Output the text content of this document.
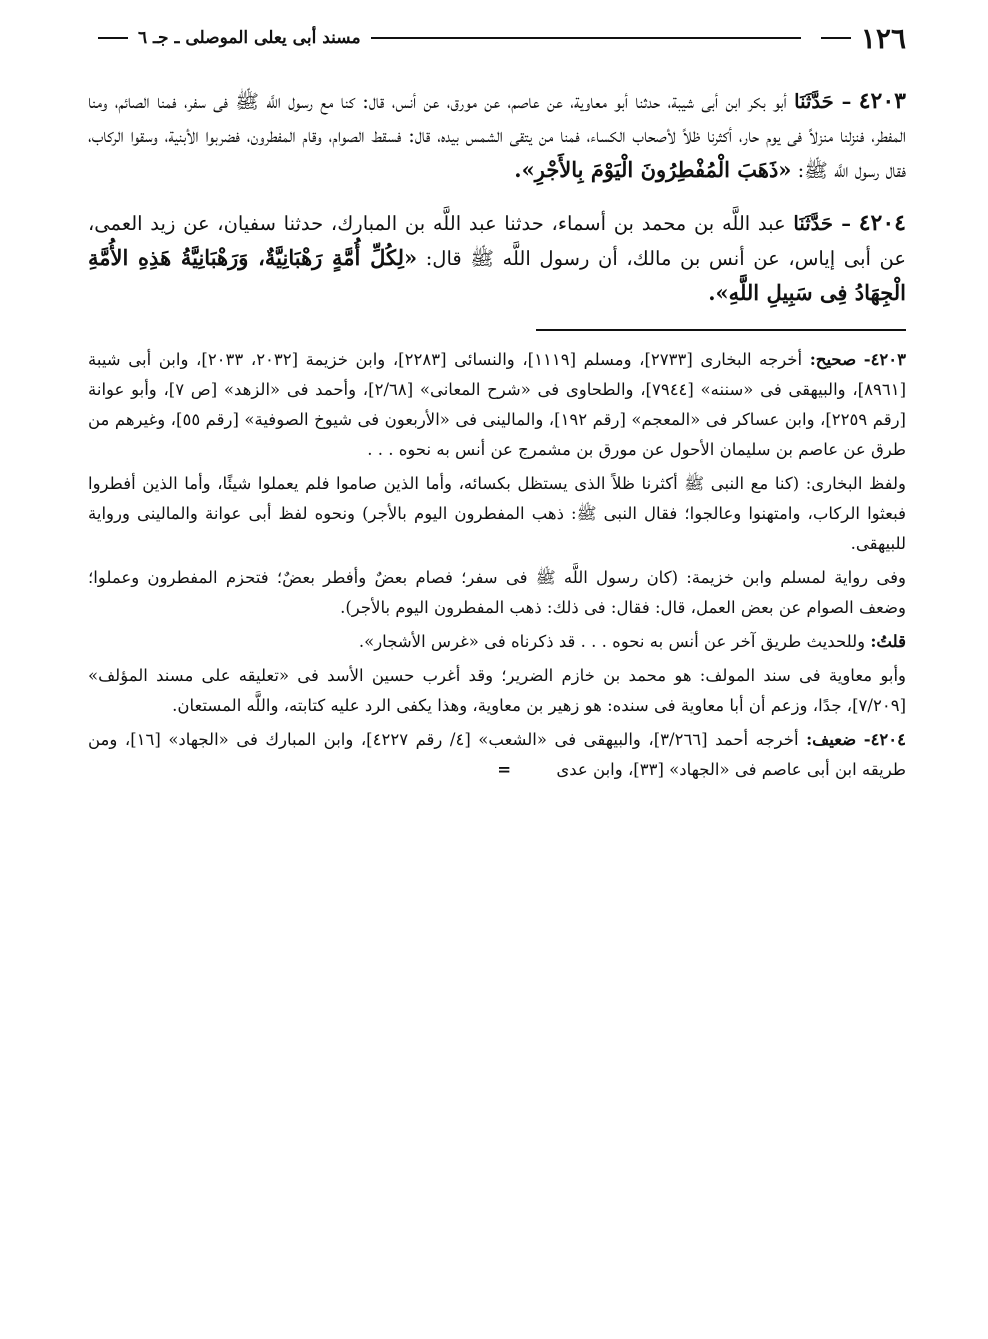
١٢٦
مسند أبى يعلى الموصلى ـ جـ ٦

٤٢٠٣ – حَدَّثَنَا أبو بكر ابن أبى شيبة، حدثنا أبو معاوية، عن عاصم، عن مورق، عن أنس، قال: كنا مع رسول اللَّه ﷺ فى سفر، فمنا الصائم، ومنا المفطر، فنزلنا منزلاً فى يوم حار، أكثرنا ظلاً لأصحاب الكساء، فمنا من يتقى الشمس بيده، قال: فسقط الصوام، وقام المفطرون، فضربوا الأبنية، وسقوا الركاب، فقال رسول اللَّه ﷺ: «ذَهَبَ الْمُفْطِرُونَ الْيَوْمَ بِالأَجْرِ».

٤٢٠٤ – حَدَّثَنَا عبد اللَّه بن محمد بن أسماء، حدثنا عبد اللَّه بن المبارك، حدثنا سفيان، عن زيد العمى، عن أبى إياس، عن أنس بن مالك، أن رسول اللَّه ﷺ قال: «لِكُلِّ أُمَّةٍ رَهْبَانِيَّةٌ، وَرَهْبَانِيَّةُ هَذِهِ الأُمَّةِ الْجِهَادُ فِى سَبِيلِ اللَّهِ».

٤٢٠٣- صحيح: أخرجه البخارى [٢٧٣٣]، ومسلم [١١١٩]، والنسائى [٢٢٨٣]، وابن خزيمة [٢٠٣٢، ٢٠٣٣]، وابن أبى شيبة [٨٩٦١]، والبيهقى فى «سننه» [٧٩٤٤]، والطحاوى فى «شرح المعانى» [٢/٦٨]، وأحمد فى «الزهد» [ص ٧]، وأبو عوانة [رقم ٢٢٥٩]، وابن عساكر فى «المعجم» [رقم ١٩٢]، والمالينى فى «الأربعون فى شيوخ الصوفية» [رقم ٥٥]، وغيرهم من طرق عن عاصم بن سليمان الأحول عن مورق بن مشمرج عن أنس به نحوه . . .

ولفظ البخارى: (كنا مع النبى ﷺ أكثرنا ظلاً الذى يستظل بكسائه، وأما الذين صاموا فلم يعملوا شيئًا، وأما الذين أفطروا فبعثوا الركاب، وامتهنوا وعالجوا؛ فقال النبى ﷺ: ذهب المفطرون اليوم بالأجر) ونحوه لفظ أبى عوانة والمالينى ورواية للبيهقى.

وفى رواية لمسلم وابن خزيمة: (كان رسول اللَّه ﷺ فى سفر؛ فصام بعضٌ وأفطر بعضٌ؛ فتحزم المفطرون وعملوا؛ وضعف الصوام عن بعض العمل، قال: فقال: فى ذلك: ذهب المفطرون اليوم بالأجر).

قلتُ: وللحديث طريق آخر عن أنس به نحوه . . . قد ذكرناه فى «غرس الأشجار».

وأبو معاوية فى سند المولف: هو محمد بن خازم الضرير؛ وقد أغرب حسين الأسد فى «تعليقه على مسند المؤلف» [٧/٢٠٩]، جدًا، وزعم أن أبا معاوية فى سنده: هو زهير بن معاوية، وهذا يكفى الرد عليه كتابته، واللَّه المستعان.

٤٢٠٤- ضعيف: أخرجه أحمد [٣/٢٦٦]، والبيهقى فى «الشعب» [٤/ رقم ٤٢٢٧]، وابن المبارك فى «الجهاد» [١٦]، ومن طريقه ابن أبى عاصم فى «الجهاد» [٣٣]، وابن عدى =
